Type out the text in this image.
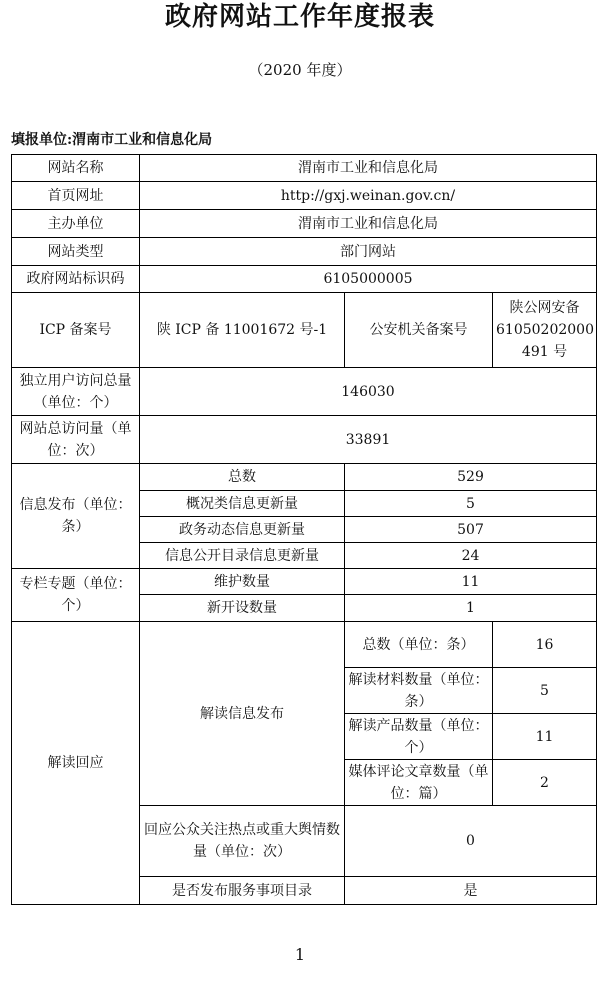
政府网站工作年度报表
（2020 年度）
填报单位:渭南市工业和信息化局
网站名称	渭南市工业和信息化局		
首页网址	http://gxj.weinan.gov.cn/		
主办单位	渭南市工业和信息化局		
网站类型	部门网站		
政府网站标识码	6105000005		
ICP 备案号	陕 ICP 备 11001672 号-1	公安机关备案号	陕公网安备 61050202000 491 号
独立用户访问总量（单位：个）	146030		
网站总访问量（单位：次）	33891		
信息发布（单位：条）	总数	529	
	概况类信息更新量	5	
	政务动态信息更新量	507	
	信息公开目录信息更新量	24	
专栏专题（单位：个）	维护数量	11	
	新开设数量	1	
解读回应	解读信息发布	总数（单位：条）	16
		解读材料数量（单位：条）	5
		解读产品数量（单位：个）	11
		媒体评论文章数量（单位：篇）	2
	回应公众关注热点或重大舆情数量（单位：次）	0	
	是否发布服务事项目录	是	
1
